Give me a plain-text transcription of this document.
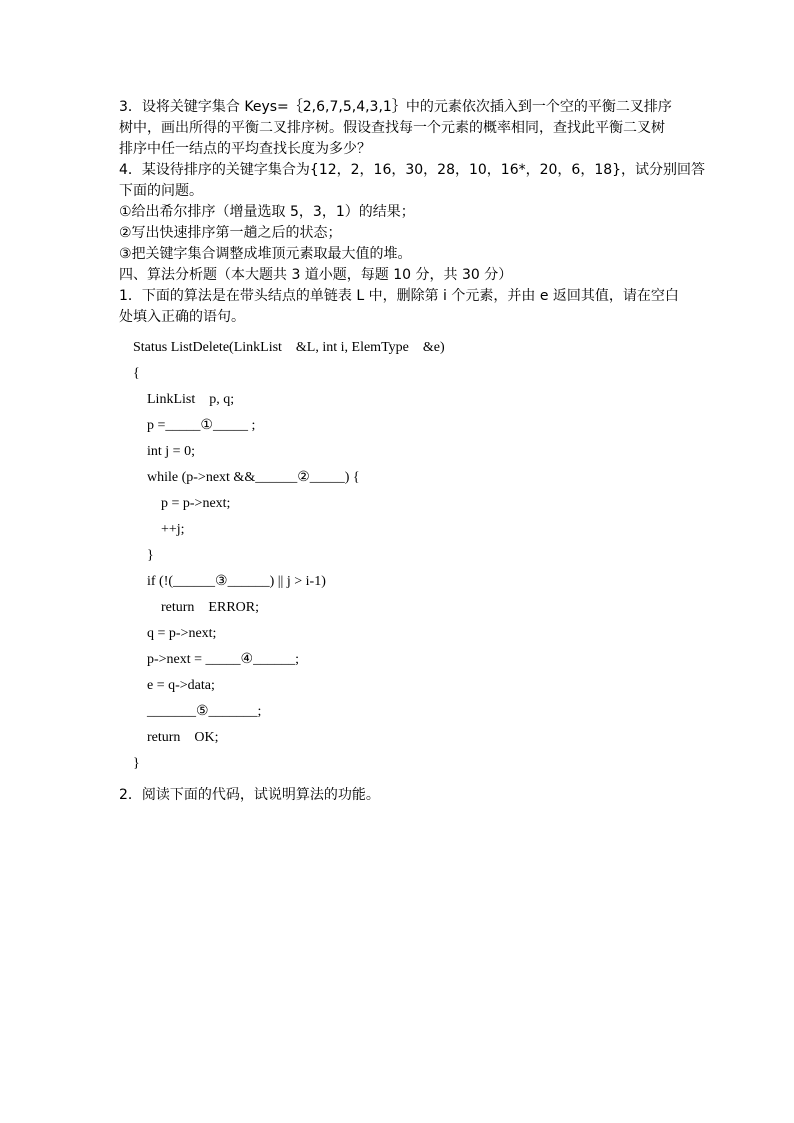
3．设将关键字集合 Keys=｛2,6,7,5,4,3,1｝中的元素依次插入到一个空的平衡二叉排序
树中，画出所得的平衡二叉排序树。假设查找每一个元素的概率相同，查找此平衡二叉树
排序中任一结点的平均查找长度为多少？
4．某设待排序的关键字集合为{12，2，16，30，28，10，16*，20，6，18}，试分别回答
下面的问题。
①给出希尔排序（增量选取 5，3，1）的结果；
②写出快速排序第一趟之后的状态；
③把关键字集合调整成堆顶元素取最大值的堆。
四、算法分析题（本大题共 3 道小题，每题 10 分，共 30 分）
1．下面的算法是在带头结点的单链表 L 中，删除第 i 个元素，并由 e 返回其值，请在空白
处填入正确的语句。
Status ListDelete(LinkList    &L, int i, ElemType    &e)
{
LinkList    p, q;
p =_____①_____ ;
int j = 0;
while (p->next &&______②_____) {
p = p->next;
++j;
}
if (!(______③______) || j > i-1)
return    ERROR;
q = p->next;
p->next = _____④______;
e = q->data;
_______⑤_______;
return    OK;
}
2．阅读下面的代码，试说明算法的功能。
